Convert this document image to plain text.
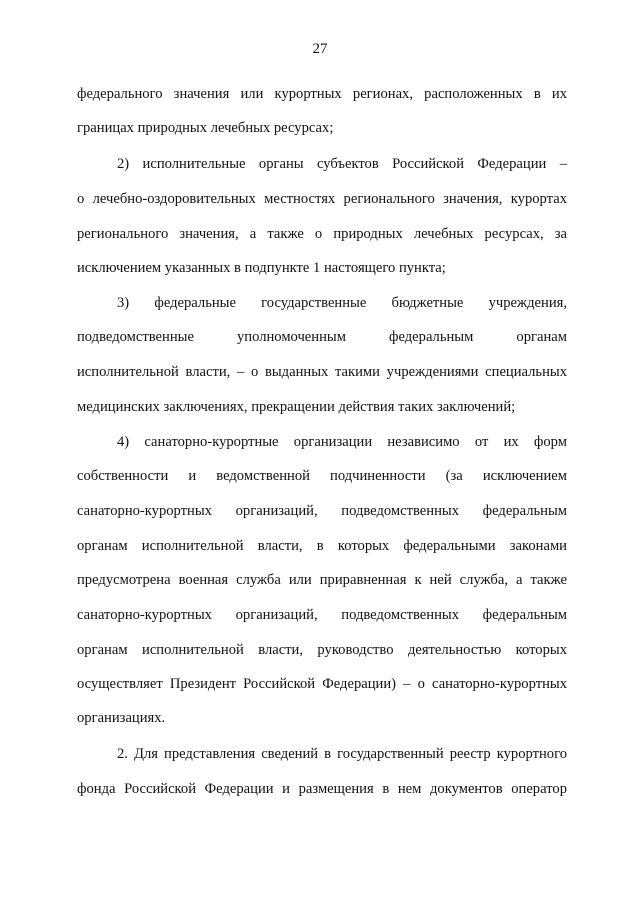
27
федерального значения или курортных регионах, расположенных в их
границах природных лечебных ресурсах;
2) исполнительные органы субъектов Российской Федерации –
о лечебно-оздоровительных местностях регионального значения, курортах
регионального значения, а также о природных лечебных ресурсах, за
исключением указанных в подпункте 1 настоящего пункта;
3) федеральные государственные бюджетные учреждения,
подведомственные уполномоченным федеральным органам
исполнительной власти, – о выданных такими учреждениями специальных
медицинских заключениях, прекращении действия таких заключений;
4) санаторно-курортные организации независимо от их форм
собственности и ведомственной подчиненности (за исключением
санаторно-курортных организаций, подведомственных федеральным
органам исполнительной власти, в которых федеральными законами
предусмотрена военная служба или приравненная к ней служба, а также
санаторно-курортных организаций, подведомственных федеральным
органам исполнительной власти, руководство деятельностью которых
осуществляет Президент Российской Федерации) – о санаторно-курортных
организациях.
2. Для представления сведений в государственный реестр курортного
фонда Российской Федерации и размещения в нем документов оператор
